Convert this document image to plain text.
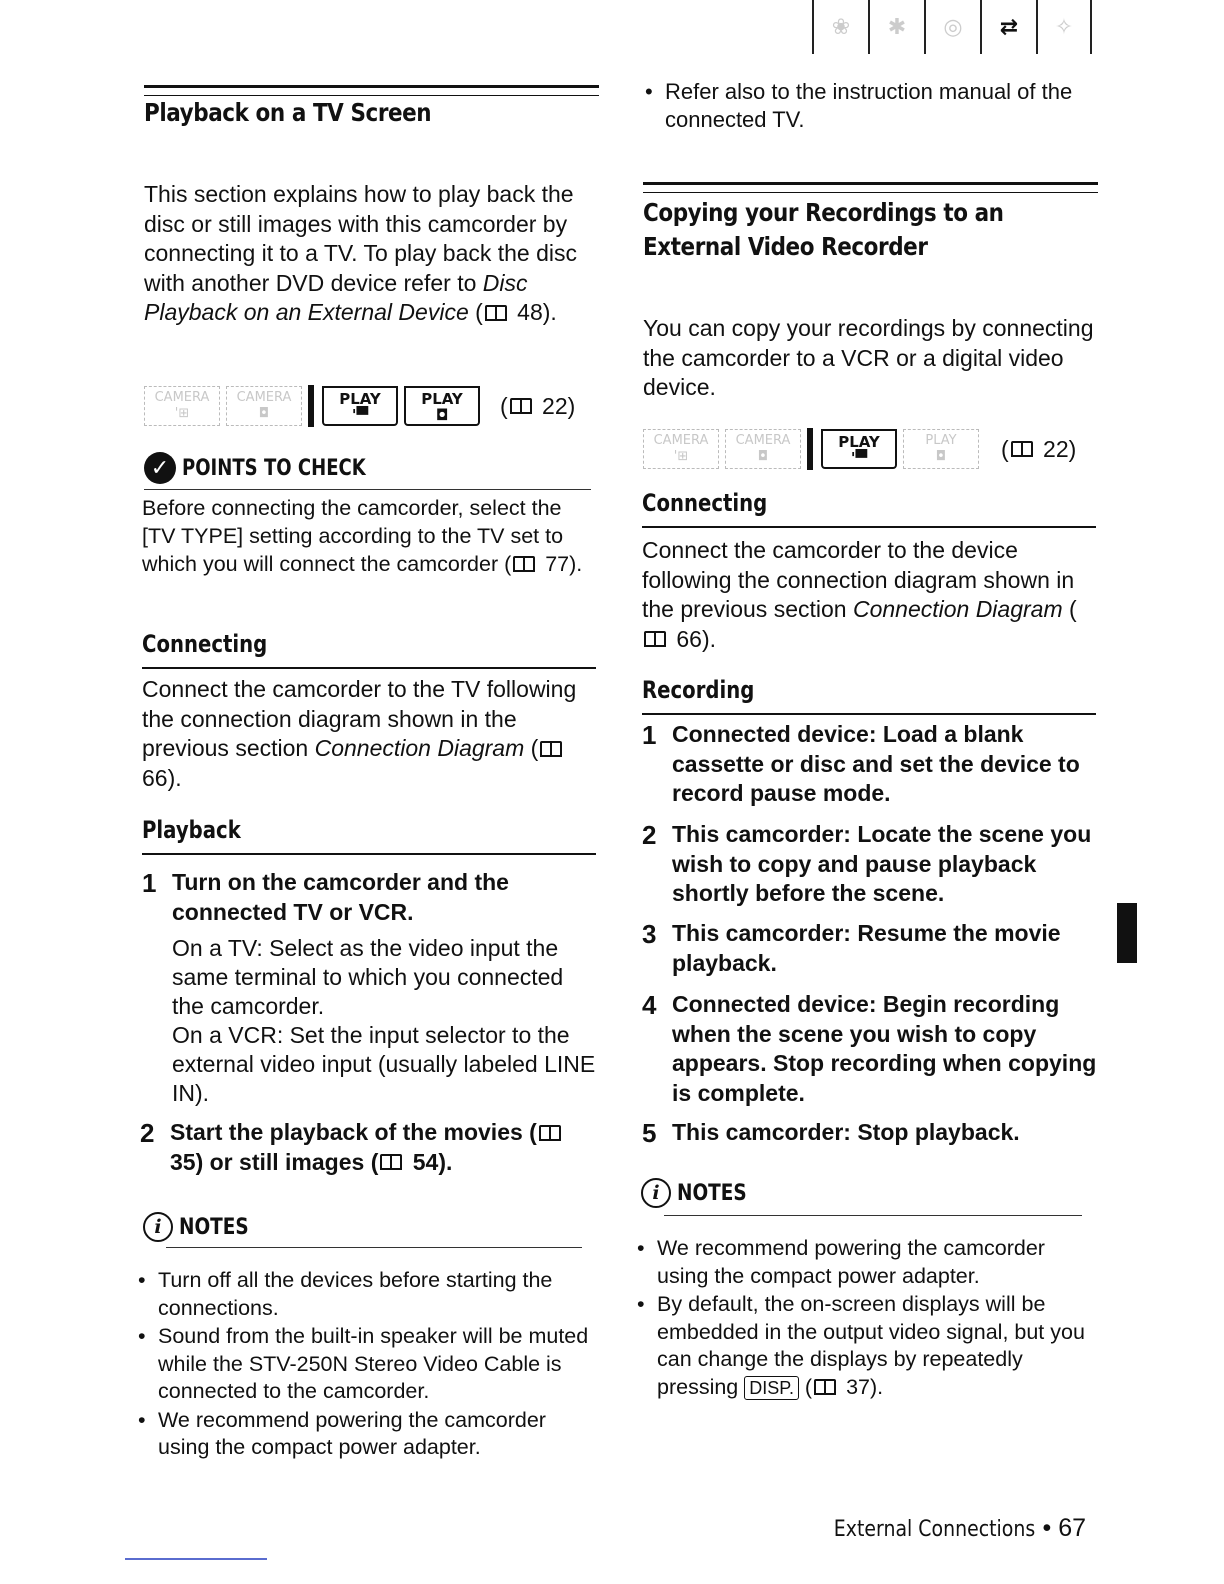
❀	✱	◎	⇄	✧
Playback on a TV Screen
This section explains how to play back the disc or still images with this camcorder by connecting it to a TV. To play back the disc with another DVD device refer to Disc Playback on an External Device ( 48).
CAMERA
'⊞
CAMERA
◘
PLAY
'▀
PLAY
◘	( 22)
✓ POINTS TO CHECK
Before connecting the camcorder, select the [TV TYPE] setting according to the TV set to which you will connect the camcorder ( 77).
Connecting
Connect the camcorder to the TV following the connection diagram shown in the previous section Connection Diagram ( 66).
Playback
1 Turn on the camcorder and the connected TV or VCR.
On a TV: Select as the video input the same terminal to which you connected the camcorder.
On a VCR: Set the input selector to the external video input (usually labeled LINE IN).
2 Start the playback of the movies ( 35) or still images ( 54).
i NOTES
• Turn off all the devices before starting the connections.
• Sound from the built-in speaker will be muted while the STV-250N Stereo Video Cable is connected to the camcorder.
• We recommend powering the camcorder using the compact power adapter.
• Refer also to the instruction manual of the connected TV.
Copying your Recordings to an External Video Recorder
You can copy your recordings by connecting the camcorder to a VCR or a digital video device.
CAMERA
'⊞
CAMERA
◘
PLAY
'▀
PLAY
◘	( 22)
Connecting
Connect the camcorder to the device following the connection diagram shown in the previous section Connection Diagram ( 66).
Recording
1 Connected device: Load a blank cassette or disc and set the device to record pause mode.
2 This camcorder: Locate the scene you wish to copy and pause playback shortly before the scene.
3 This camcorder: Resume the movie playback.
4 Connected device: Begin recording when the scene you wish to copy appears. Stop recording when copying is complete.
5 This camcorder: Stop playback.
i NOTES
• We recommend powering the camcorder using the compact power adapter.
• By default, the on-screen displays will be embedded in the output video signal, but you can change the displays by repeatedly pressing DISP. ( 37).
External Connections • 67
